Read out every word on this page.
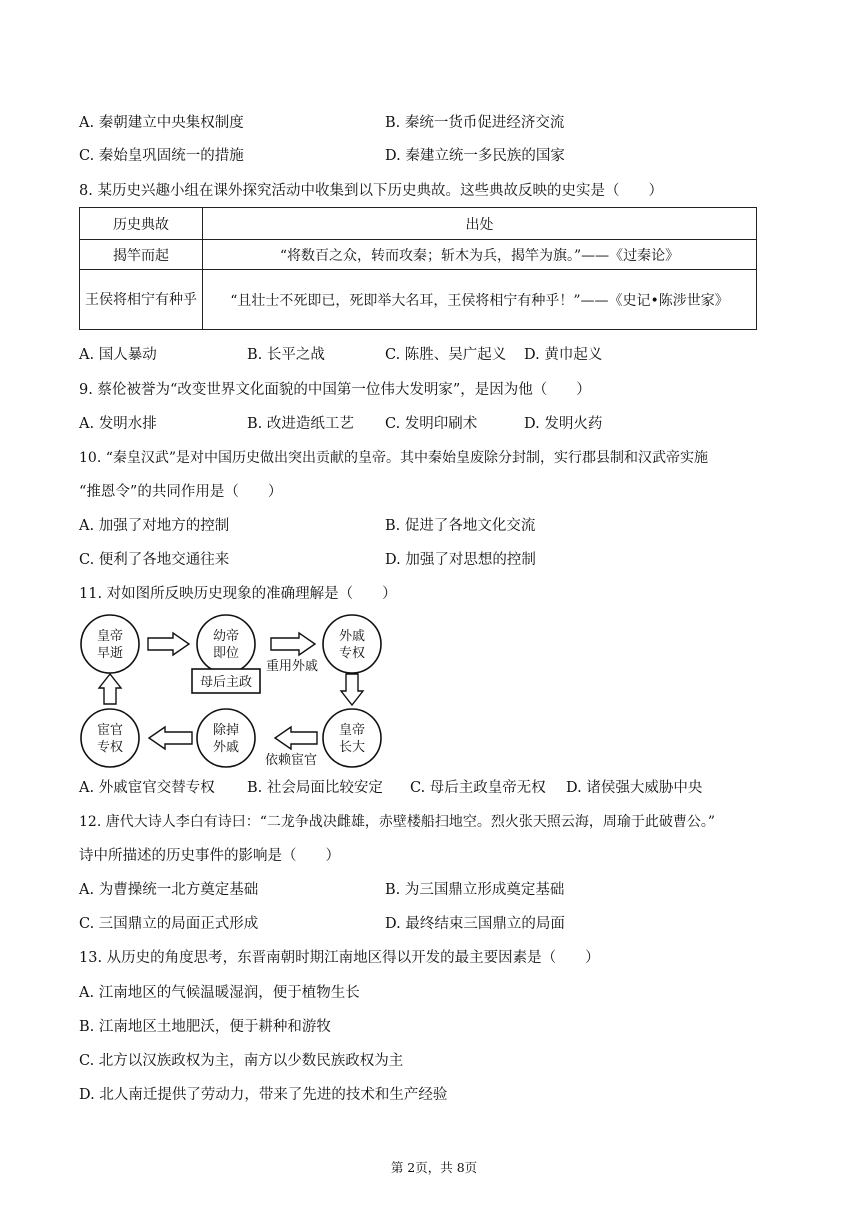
A. 秦朝建立中央集权制度	B. 秦统一货币促进经济交流
C. 秦始皇巩固统一的措施	D. 秦建立统一多民族的国家
8. 某历史兴趣小组在课外探究活动中收集到以下历史典故。这些典故反映的史实是（　　）
历史典故	出处
揭竿而起	“将数百之众，转而攻秦；斩木为兵，揭竿为旗。”——《过秦论》
王侯将相宁有种乎	“且壮士不死即已，死即举大名耳，王侯将相宁有种乎！”——《史记•陈涉世家》
A. 国人暴动	B. 长平之战	C. 陈胜、吴广起义 D. 黄巾起义
9. 蔡伦被誉为“改变世界文化面貌的中国第一位伟大发明家”，是因为他（　　）
A. 发明水排	B. 改进造纸工艺 C. 发明印刷术	D. 发明火药
10. “秦皇汉武”是对中国历史做出突出贡献的皇帝。其中秦始皇废除分封制，实行郡县制和汉武帝实施
“推恩令”的共同作用是（　　）
A. 加强了对地方的控制	B. 促进了各地文化交流
C. 便利了各地交通往来	D. 加强了对思想的控制
11. 对如图所反映历史现象的准确理解是（　　）
皇帝
早逝
幼帝
即位
外戚
专权
皇帝
长大
除掉
外戚
宦官
专权
母后主政
重用外戚
依赖宦官
A. 外戚宦官交替专权 B. 社会局面比较安定 C. 母后主政皇帝无权 D. 诸侯强大威胁中央
12. 唐代大诗人李白有诗曰：“二龙争战决雌雄，赤壁楼船扫地空。烈火张天照云海，周瑜于此破曹公。”
诗中所描述的历史事件的影响是（　　）
A. 为曹操统一北方奠定基础	B. 为三国鼎立形成奠定基础
C. 三国鼎立的局面正式形成	D. 最终结束三国鼎立的局面
13. 从历史的角度思考，东晋南朝时期江南地区得以开发的最主要因素是（　　）
A. 江南地区的气候温暖湿润，便于植物生长
B. 江南地区土地肥沃，便于耕种和游牧
C. 北方以汉族政权为主，南方以少数民族政权为主
D. 北人南迁提供了劳动力，带来了先进的技术和生产经验
第 2页，共 8页
